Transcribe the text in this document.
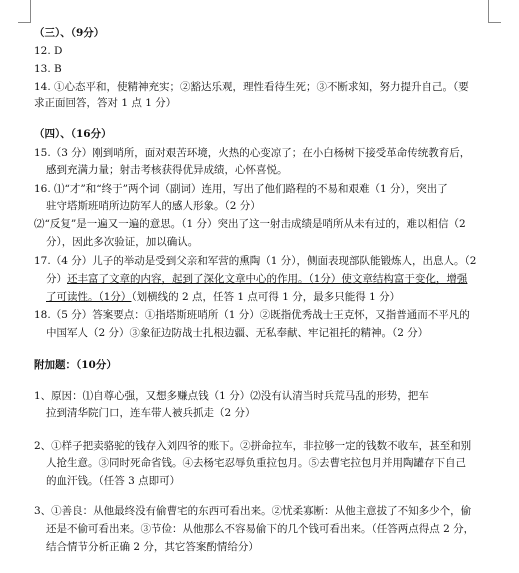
（三）、（9分）
12. D
13. B
14. ①心态平和，使精神充实；②豁达乐观，理性看待生死；③不断求知，努力提升自己。（要
求正面回答，答对 1 点 1 分）
（四）、（16分）
15.（3 分）刚到哨所，面对艰苦环境，火热的心变凉了；在小白杨树下接受革命传统教育后，
感到充满力量；射击考核获得优异成绩，心怀喜悦。
16. ⑴“才”和“终于”两个词（副词）连用，写出了他们路程的不易和艰难（1 分），突出了
驻守塔斯班哨所边防军人的感人形象。（2 分）
⑵“反复”是一遍又一遍的意思。（1 分）突出了这一射击成绩是哨所从未有过的，难以相信（2
分），因此多次验证，加以确认。
17.（4 分）儿子的举动是受到父亲和军营的熏陶（1 分），侧面表现部队能锻炼人，出息人。（2
分）还丰富了文章的内容，起到了深化文章中心的作用。（1分）使文章结构富于变化，增强
了可读性。（1分）（划横线的 2 点，任答 1 点可得 1 分，最多只能得 1 分）
18.（5 分）答案要点：①指塔斯班哨所（1 分）②既指优秀战士王克怀，又指普通而不平凡的
中国军人（2 分）③象征边防战士扎根边疆、无私奉献、牢记祖托的精神。（2 分）
附加题：（10分）
1、原因：⑴自尊心强，又想多赚点钱（1 分）⑵没有认清当时兵荒马乱的形势，把车
拉到清华院门口，连车带人被兵抓走（2 分）
2、①样子把卖骆驼的钱存入刘四爷的账下。②拼命拉车，非拉够一定的钱数不收车，甚至和别
人抢生意。③同时死命省钱。④去杨宅忍辱负重拉包月。⑤去曹宅拉包月并用陶罐存下自己
的血汗钱。（任答 3 点即可）
3、①善良：从他最终没有偷曹宅的东西可看出来。②忧柔寡断：从他主意拔了不知多少个，偷
还是不偷可看出来。③节俭：从他那么不容易偷下的几个钱可看出来。（任答两点得点 2 分，
结合情节分析正确 2 分，其它答案酌情给分）
